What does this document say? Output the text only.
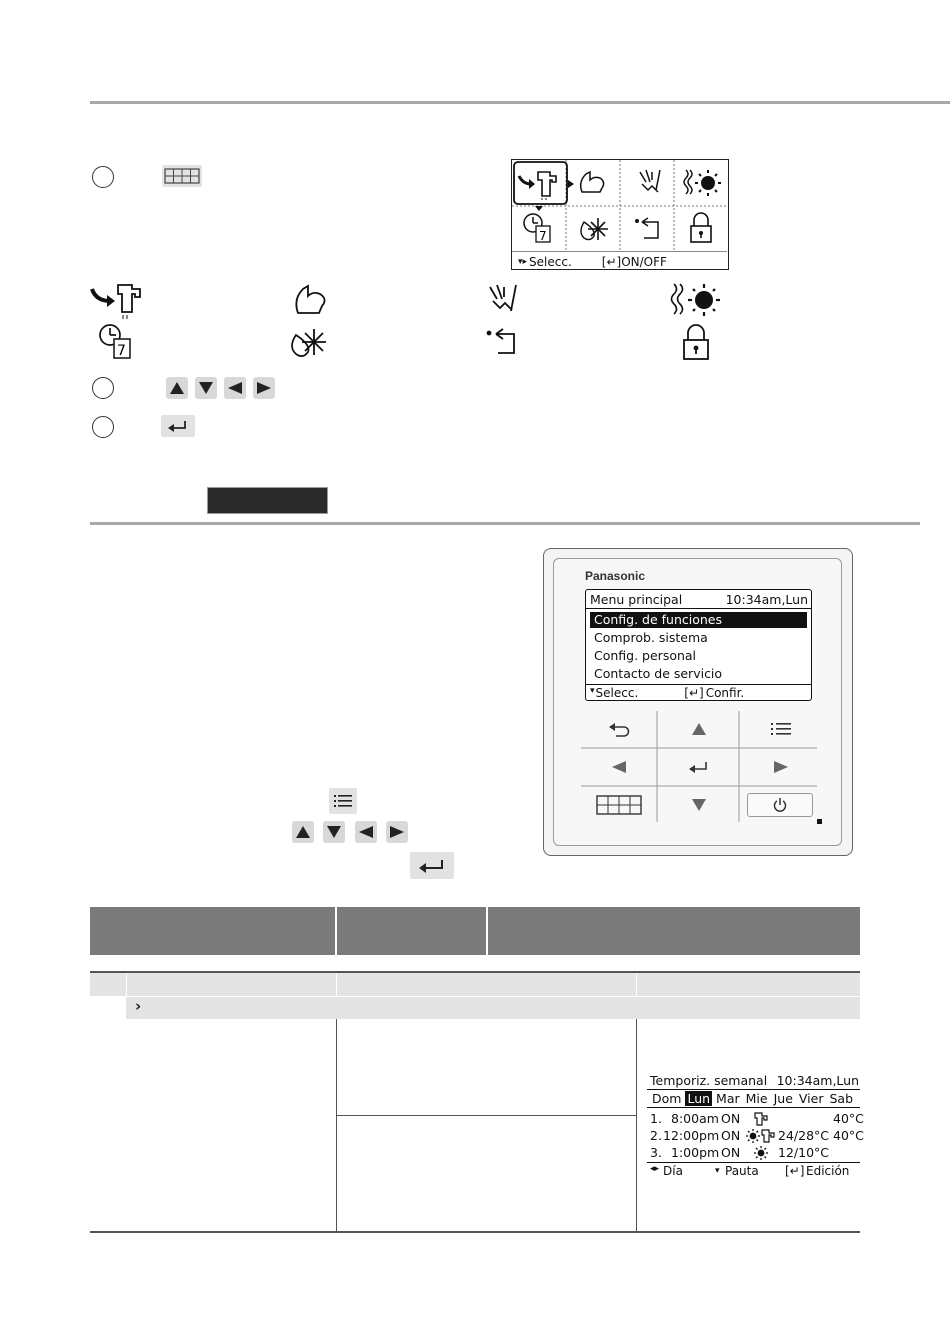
7
▾▸ Selecc.	[↵] ON/OFF
7
Panasonic
Menu principal	10:34am,Lun
Config. de funciones
Comprob. sistema
Config. personal
Contacto de servicio
▾ Selecc.	[↵] Confir.
›
Temporiz. semanal 10:34am,Lun
Dom Lun Mar Mie Jue Vier Sab
1. 8:00am ON	40°C
2. 12:00pm ON	24/28°C 40°C
3. 1:00pm ON	12/10°C
◂▸ Día	▾ Pauta [↵] Edición
